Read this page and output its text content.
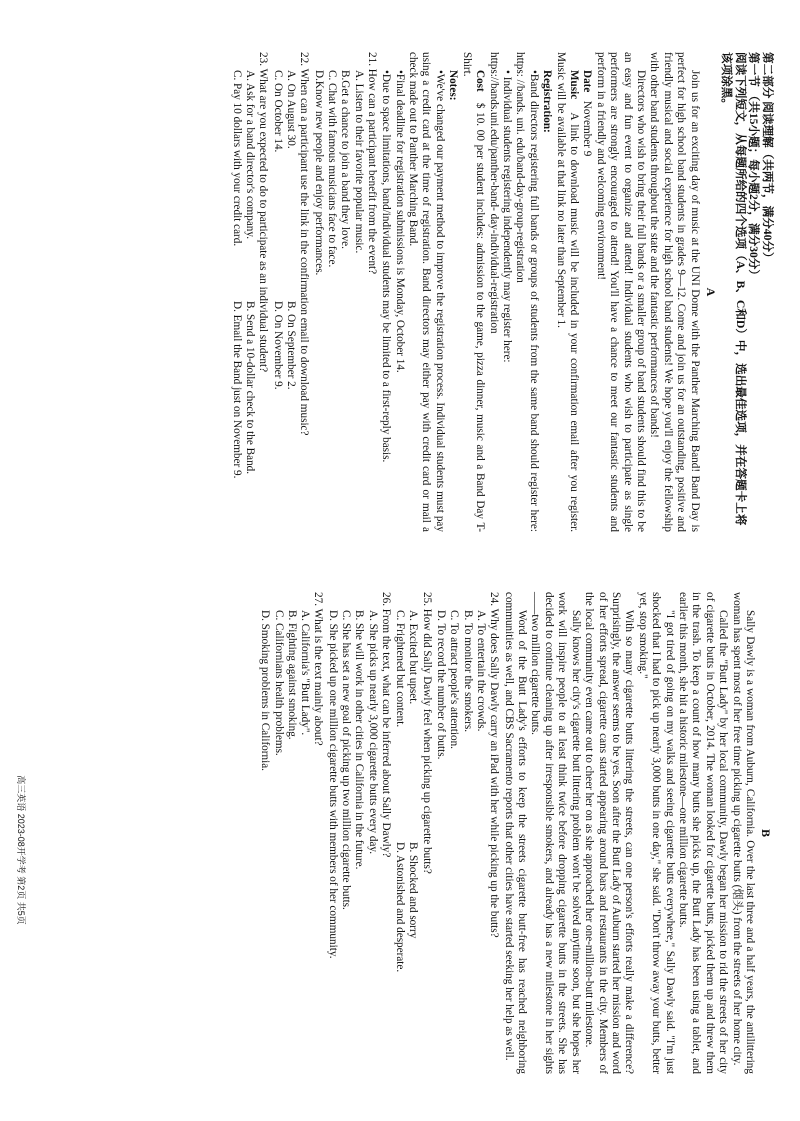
第二部分 阅读理解（共两节，满分40分）

第一节 （共15小题；每小题2分，满分30分）

阅读下列短文，从每题所给的四个选项（A、B、C和D）中，选出最佳选项，并在答题卡上将该项涂黑。

A

Join us for an exciting day of music at the UNI Dome with the Panther Marching Band! Band Day is perfect for high school band students in grades 9—12. Come and join us for an outstanding, positive and friendly musical and social experience for high school band students! We hope you'll enjoy the fellowship with other band students throughout the state and the fantastic performances of bands!

Directors who wish to bring their full bands or a smaller group of band students should find this to be an easy and fun event to organize and attend! Individual students who wish to participate as single performers are strongly encouraged to attend! You'll have a chance to meet our fantastic students and perform in a friendly and welcoming environment!

Date   November 9

Music   A link to download music will be included in your confirmation email after you register. Music will be available at that link no later than September 1.

Registration:

•Band directors registering full bands or groups of students from the same band should register here: https: //bands. uni. edu/band-day-group-registration

• Individual students registering independently may register here:

https://bands.uni.edu/panther-band- day-individual-registration

Cost   $ 10. 00 per student includes: admission to the game, pizza dinner, music and a Band Day T-Shirt.

Notes:

•We've changed our payment method to improve the registration process. Individual students must pay using a credit card at the time of registration. Band directors may either pay with credit card or mail a check made out to Panther Marching Band.

•Final deadline for registration submissions is Monday, October 14.

•Due to space limitations, band/individual students may be limited to a first-reply basis.

21. How can a participant benefit from the event?

A. Listen to their favorite popular music.

B.Get a chance to join a band they love.

C. Chat with famous musicians face to face.

D.Know new people and enjoy performances.

22. When can a participant use the link in the confirmation email to download music?

A. On August 30.
B. On September 2.
C. On October 14.
D. On November 9.

23. What are you expected to do to participate as an individual student?

A. Ask for a band director's company.
B. Send a 10-dollar check to the Band.
C. Pay 10 dollars with your credit card.
D. Email the Band just on November 9.

B

Sally Dawly is a woman from Auburn, California. Over the last three and a half years, the antilittering woman has spent most of her free time picking up cigarette butts (烟头) from the streets of her home city.

Called the "Butt Lady" by her local community, Dawly began her mission to rid the streets of her city of cigarette butts in October, 2014. The woman looked for cigarette butts, picked them up and threw them in the trash. To keep a count of how many butts she picks up, the Butt Lady has been using a tablet, and earlier this month, she hit a historic milestone—one million cigarette butts.

"I got tired of going on my walks and seeing cigarette butts everywhere," Sally Dawly said. "I'm just shocked that I had to pick up nearly 3,000 butts in one day," she said. "Don't throw away your butts, better yet, stop smoking."

With so many cigarette butts littering the streets, can one person's efforts really make a difference? Surprisingly, the answer seems to be yes. Soon after the Butt Lady of Auburn started her mission and word of her efforts spread, cigarette cans started appearing around bars and restaurants in the city. Members of the local community even came out to cheer her on as she approached her one-million-butt milestone.

Sally knows her city's cigarette butt littering problem won't be solved anytime soon, but she hopes her work will inspire people to at least think twice before dropping cigarette butts in the streets. She has decided to continue cleaning up after irresponsible smokers, and already has a new milestone in her sights——two million cigarette butts.

Word of the Butt Lady's efforts to keep the streets cigarette butt-free has reached neighboring communities as well, and CBS Sacramento reports that other cities have started seeking her help as well.

24. Why does Sally Dawly carry an iPad with her while picking up the butts?

A. To entertain the crowds.

B. To monitor the smokers.

C. To attract people's attention.

D. To record the number of butts.

25. How did Sally Dawly feel when picking up cigarette butts?

A. Excited but upset.
B. Shocked and sorry
C. Frightened but content.
D. Astonished and desperate.

26. From the text, what can be inferred about Sally Dawly?

A. She picks up nearly 3,000 cigarette butts every day.

B. She will work in other cities in California in the future.

C. She has set a new goal of picking up two million cigarette butts.

D. She picked up one million cigarette butts with members of her community.

27. What is the text mainly about?

A. California's "Butt Lady".

B. Fighting against smoking.

C. Californians health problems.

D. Smoking problems in California.

高三英语 2023-08开学考 第2页 共5页
